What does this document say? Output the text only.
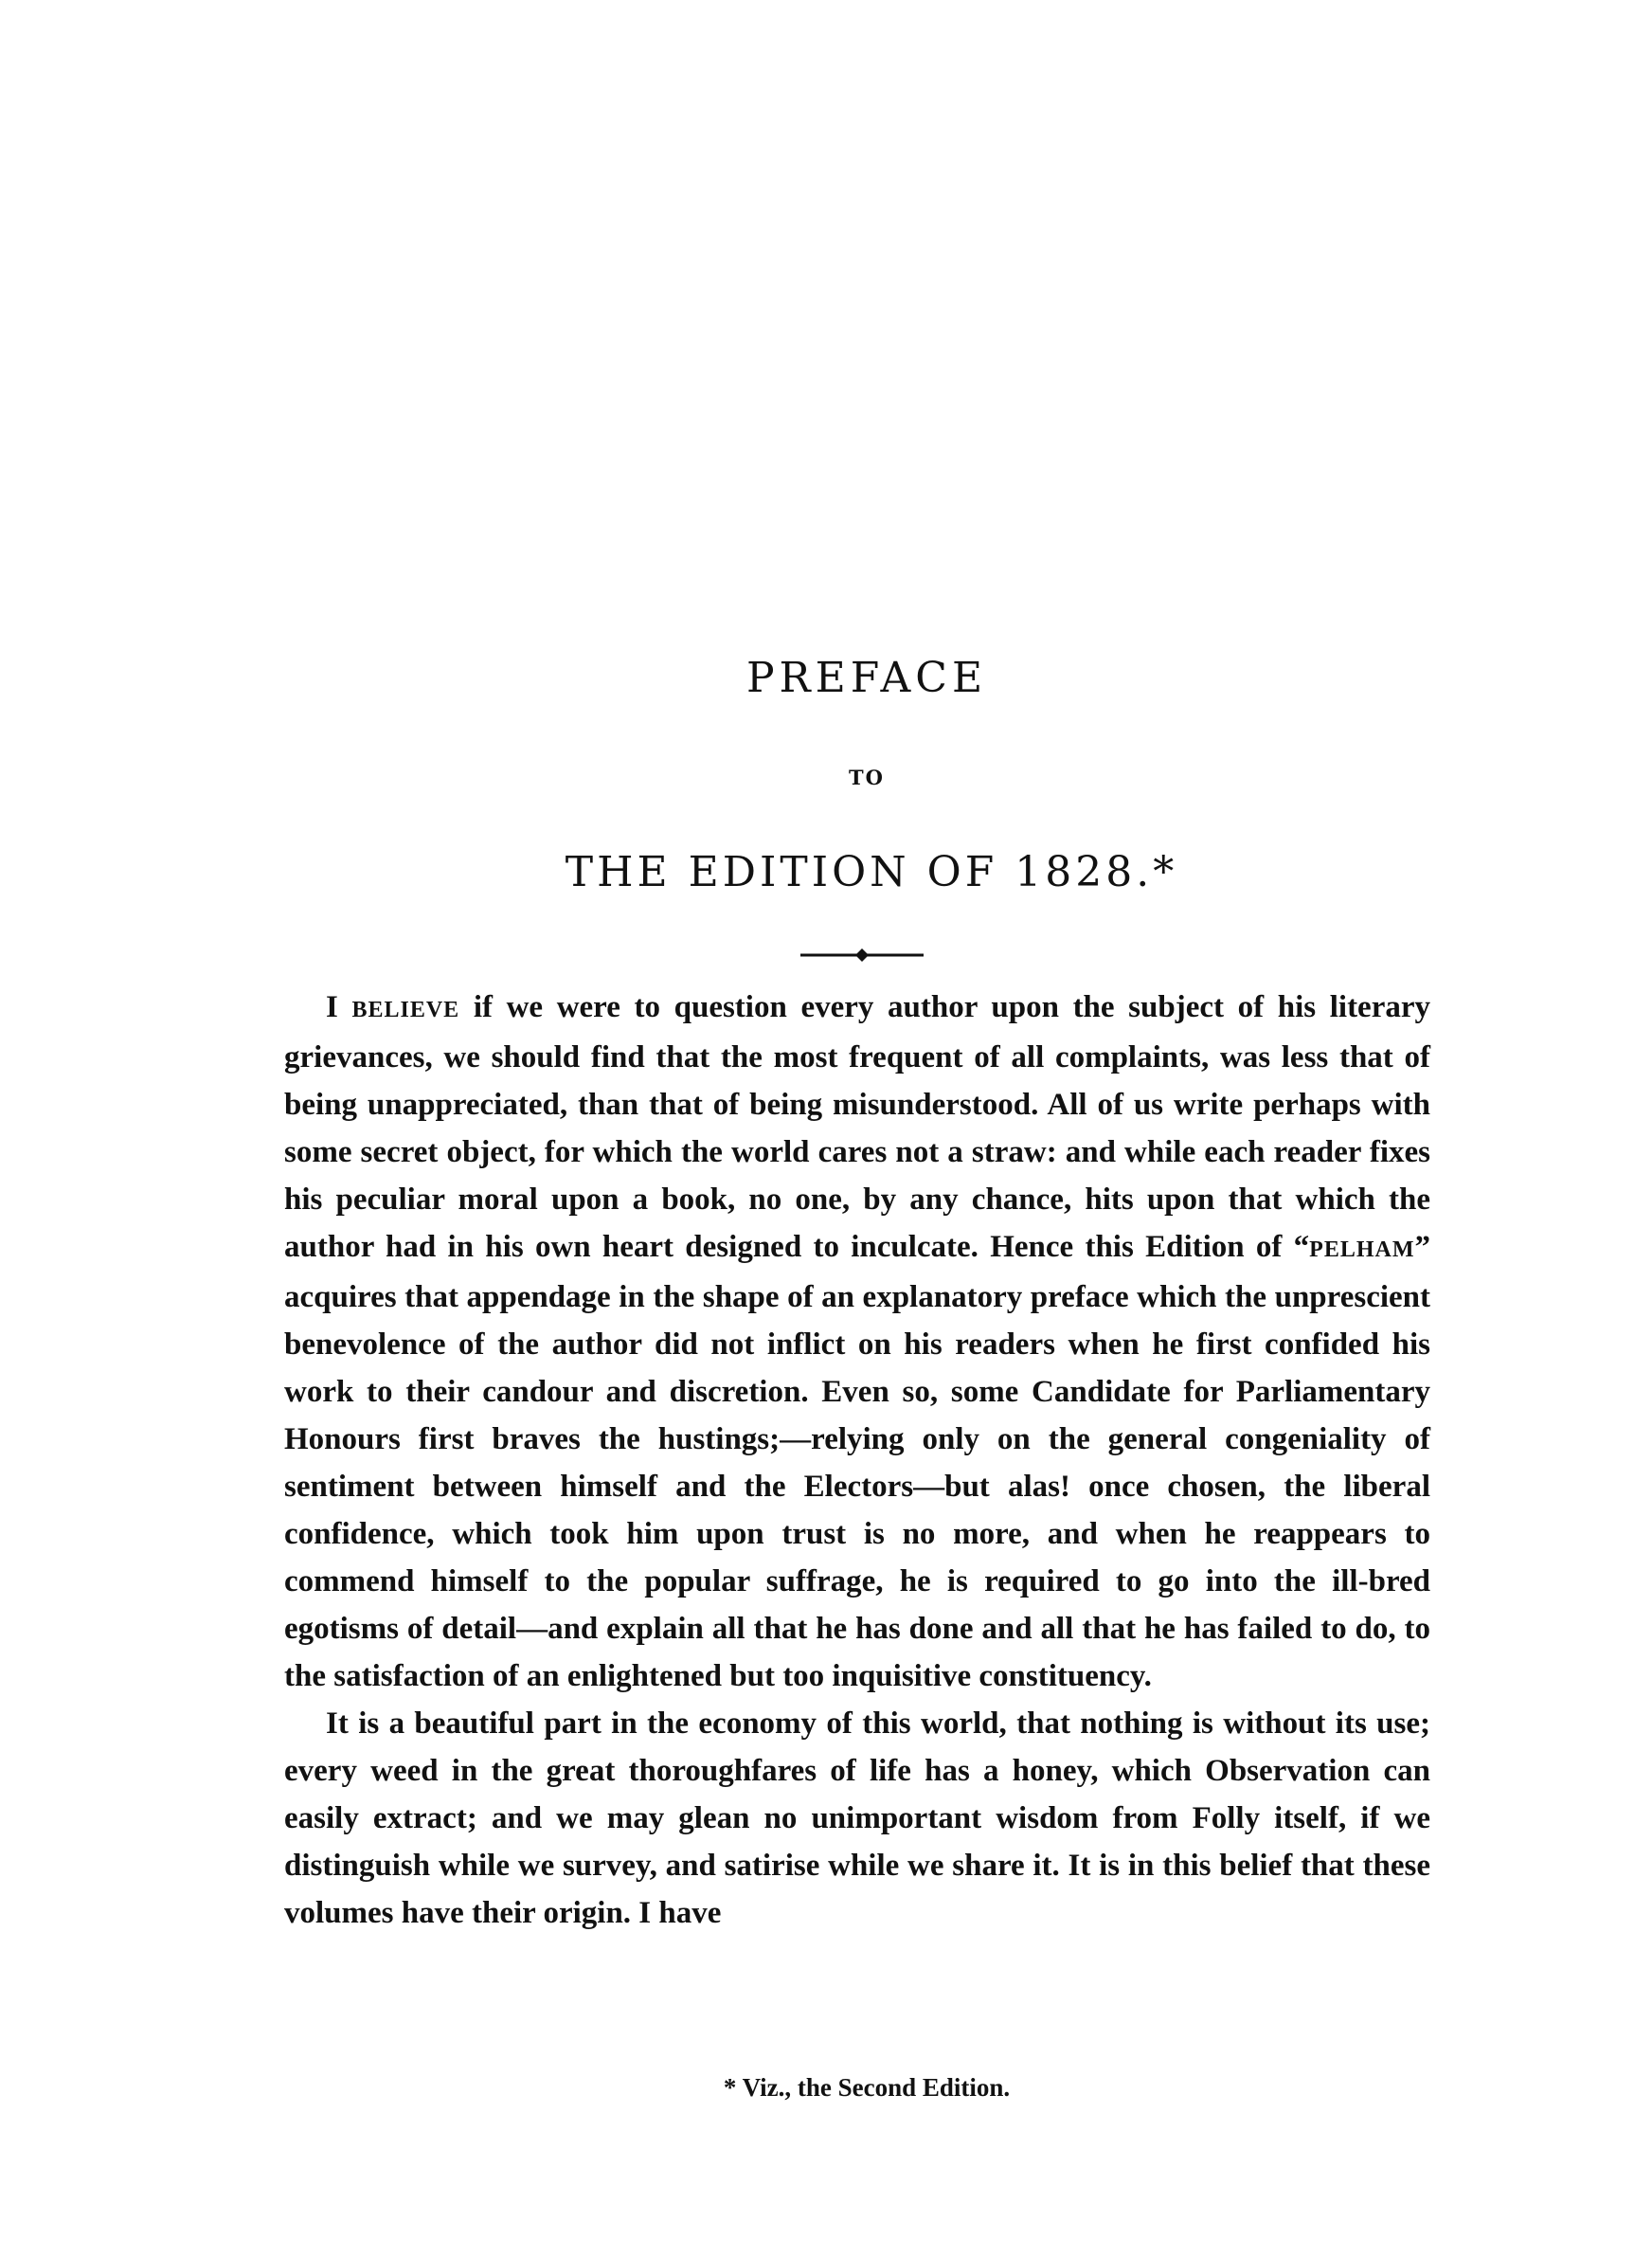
PREFACE
TO
THE EDITION OF 1828.*

I BELIEVE if we were to question every author upon the subject of his literary grievances, we should find that the most frequent of all complaints, was less that of being unappreciated, than that of being misunderstood. All of us write perhaps with some secret object, for which the world cares not a straw: and while each reader fixes his peculiar moral upon a book, no one, by any chance, hits upon that which the author had in his own heart designed to inculcate. Hence this Edition of “PELHAM” acquires that appendage in the shape of an explanatory preface which the unprescient benevolence of the author did not inflict on his readers when he first confided his work to their candour and discretion. Even so, some Candidate for Parliamentary Honours first braves the hustings;—relying only on the general congeniality of sentiment between himself and the Electors—but alas! once chosen, the liberal confidence, which took him upon trust is no more, and when he reappears to commend himself to the popular suffrage, he is required to go into the ill-bred egotisms of detail—and explain all that he has done and all that he has failed to do, to the satisfaction of an enlightened but too inquisitive constituency.

It is a beautiful part in the economy of this world, that nothing is without its use; every weed in the great thoroughfares of life has a honey, which Observation can easily extract; and we may glean no unimportant wisdom from Folly itself, if we distinguish while we survey, and satirise while we share it. It is in this belief that these volumes have their origin. I have

* Viz., the Second Edition.
